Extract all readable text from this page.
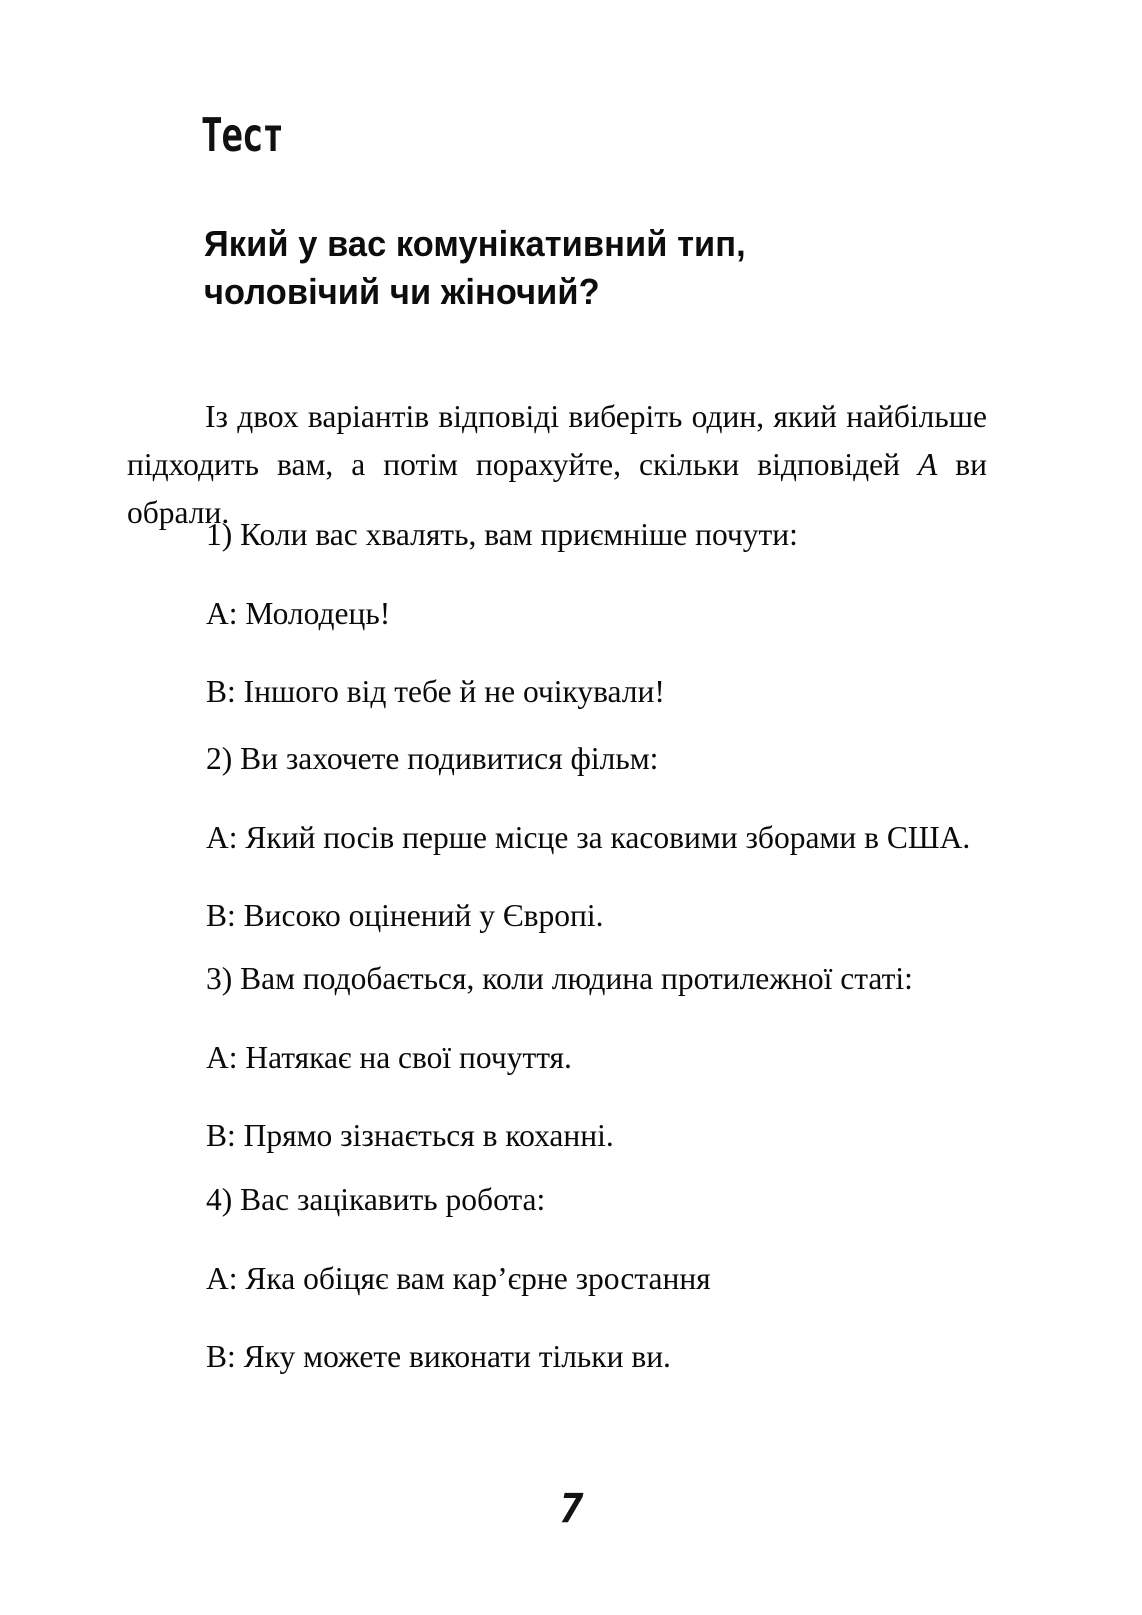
Тест
Який у вас комунікативний тип,
чоловічий чи жіночий?

Із двох варіантів відповіді виберіть один, який найбільше підходить вам, а потім порахуйте, скільки відповідей A ви обрали.

1) Коли вас хвалять, вам приємніше почути:
А: Молодець!
В: Іншого від тебе й не очікували!
2) Ви захочете подивитися фільм:
А: Який посів перше місце за касовими зборами в США.
В: Високо оцінений у Європі.
3) Вам подобається, коли людина протилежної статі:
А: Натякає на свої почуття.
В: Прямо зізнається в коханні.
4) Вас зацікавить робота:
А: Яка обіцяє вам кар’єрне зростання
В: Яку можете виконати тільки ви.
7
